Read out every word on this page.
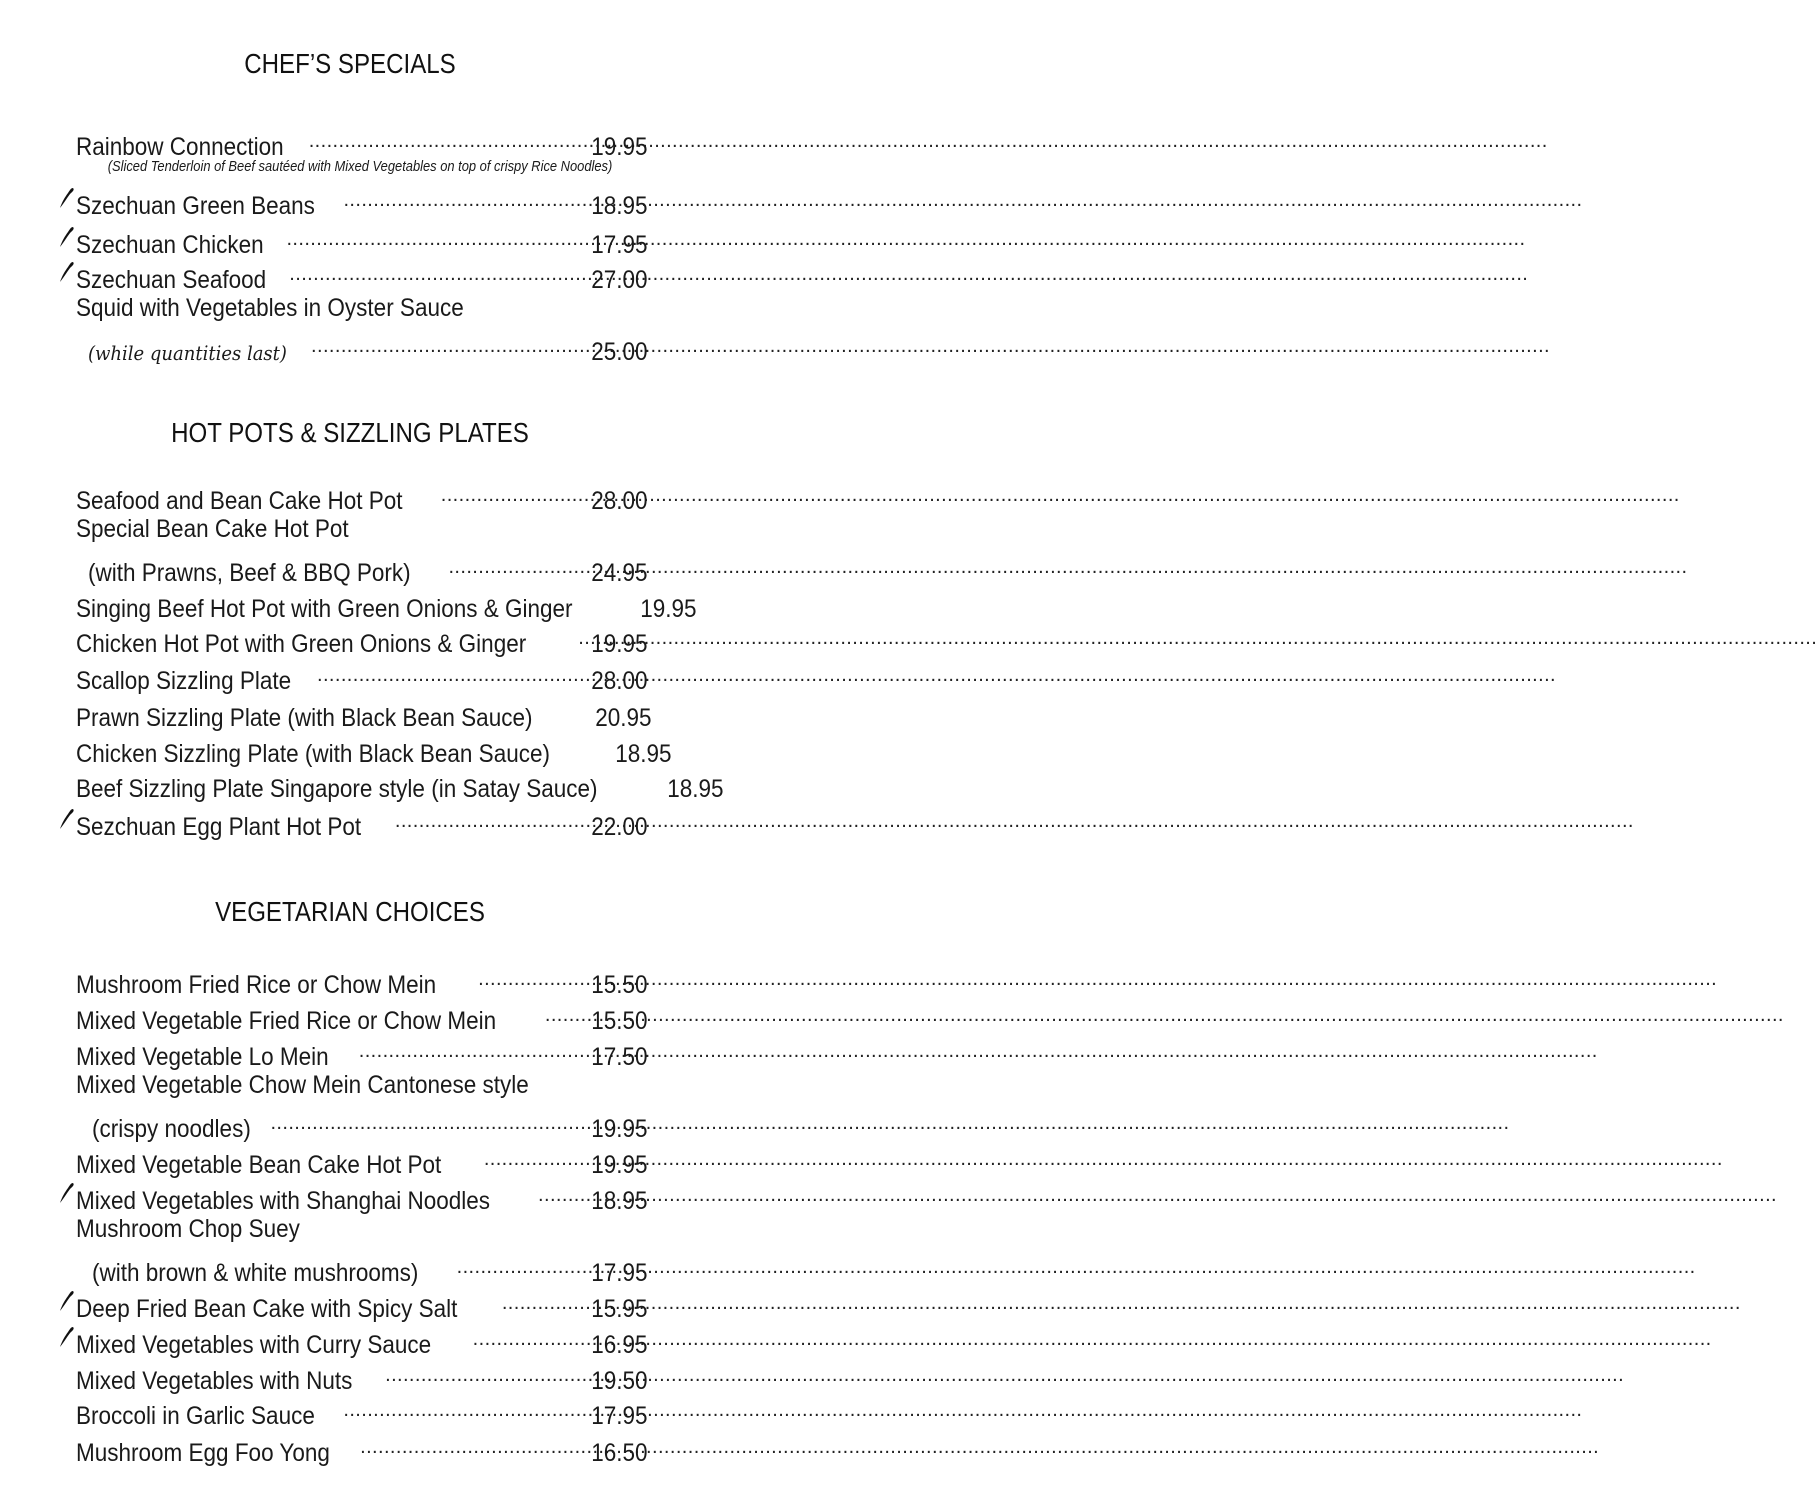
CHEF’S SPECIALS
Rainbow Connection .....	19.95
(Sliced Tenderloin of Beef sautéed with Mixed Vegetables on top of crispy Rice Noodles)
Szechuan Green Beans .....	18.95
Szechuan Chicken .....	17.95
Szechuan Seafood .....	27.00
Squid with Vegetables in Oyster Sauce
(while quantities last) .....	25.00
HOT POTS & SIZZLING PLATES
Seafood and Bean Cake Hot Pot .....	28.00
Special Bean Cake Hot Pot
(with Prawns, Beef & BBQ Pork) .....	24.95
Singing Beef Hot Pot with Green Onions & Ginger	19.95
Chicken Hot Pot with Green Onions & Ginger .....	19.95
Scallop Sizzling Plate .....	28.00
Prawn Sizzling Plate (with Black Bean Sauce)	20.95
Chicken Sizzling Plate (with Black Bean Sauce)	18.95
Beef Sizzling Plate Singapore style (in Satay Sauce)	18.95
Sezchuan Egg Plant Hot Pot .....	22.00
VEGETARIAN CHOICES
Mushroom Fried Rice or Chow Mein .....	15.50
Mixed Vegetable Fried Rice or Chow Mein .....	15.50
Mixed Vegetable Lo Mein .....	17.50
Mixed Vegetable Chow Mein Cantonese style
(crispy noodles) .....	19.95
Mixed Vegetable Bean Cake Hot Pot .....	19.95
Mixed Vegetables with Shanghai Noodles .....	18.95
Mushroom Chop Suey
(with brown & white mushrooms) .....	17.95
Deep Fried Bean Cake with Spicy Salt .....	15.95
Mixed Vegetables with Curry Sauce .....	16.95
Mixed Vegetables with Nuts .....	19.50
Broccoli in Garlic Sauce .....	17.95
Mushroom Egg Foo Yong .....	16.50
